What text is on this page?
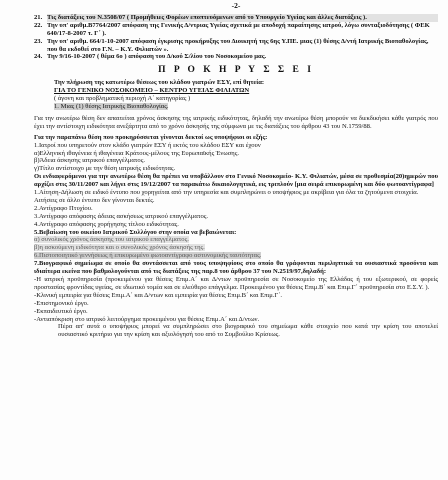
-2-
21. Τις διατάξεις του Ν.3508/07 ( Προμήθειες Φορέων εποπτευόμενων από το Υπουργείο Υγείας και άλλες διατάξεις ).
22. Την υπ' αριθμ.Β7764/2007 απόφαση της Γενικής Δ/ντριας Υγείας σχετικά με αποδοχή παραίτησης ιατρού, λόγω συνταξιοδότησης ( ΦΕΚ 640/17-8-2007 τ. Γ΄ ).
23. Την υπ' αριθμ. 664/1-10-2007 απόφαση έγκρισης προκήρυξης του Διοικητή της 6ης Υ.ΠΕ. μιας (1) θέσης Δ/ντή Ιατρικής Βιοπαθολογίας, που θα εκδοθεί στο Γ.Ν. – Κ.Υ. Φιλιατών ».
24. Την 9/16-10-2007 ( θέμα 6ο ) απόφαση του Δ/κού Σ/λίου του Νοσοκομείου μας.
Π Ρ Ο Κ Η Ρ Υ Σ Σ Ε Ι
Την πλήρωση της κατωτέρω θέσεως του κλάδου γιατρών ΕΣΥ, επί θητεία:
ΓΙΑ ΤΟ ΓΕΝΙΚΟ ΝΟΣΟΚΟΜΕΙΟ – ΚΕΝΤΡΟ ΥΓΕΙΑΣ ΦΙΛΙΑΤΩΝ
( άγονη και προβληματική περιοχή Α΄ κατηγορίας )
1. Μιας (1) θέσης Ιατρικής Βιοπαθολογίας.
Για την ανωτέρω θέση δεν απαιτείται χρόνος άσκησης της ιατρικής ειδικότητας, δηλαδή την ανωτέρω θέση μπορούν να διεκδικήσει κάθε γιατρός που έχει την αντίστοιχη ειδικότητα ανεξάρτητα από το χρόνο άσκησής της σύμφωνα με τις διατάξεις του άρθρου 43 του Ν.1759/88.
Για την παραπάνω θέση που προκηρύσσεται γίνονται δεκτοί ως υποψήφιοι οι εξής:
1.Ιατροί που υπηρετούν στον κλάδο γιατρών ΕΣΥ ή εκτός του κλάδου ΕΣΥ και έχουν
α)Ελληνική ιθαγένεια ή ιθαγένεια Κράτους-μέλους της Ευρωπαϊκής Ένωσης.
β)Άδεια άσκησης ιατρικού επαγγέλματος.
γ)Τίτλο αντίστοιχο με την θέση ιατρικής ειδικότητας.
Οι ενδιαφερόμενοι για την ανωτέρω θέση θα πρέπει να υποβάλλουν στο Γενικό Νοσοκομείο- Κ.Υ. Φιλιατών, μέσα σε προθεσμία(20)ημερών που αρχίζει στις 30/11/2007 και λήγει στις 19/12/2007 τα παρακάτω δικαιολογητικά, εις τριπλούν [μια σειρά επικυρωμένη και δύο φωτοαντίγραφα]
1.Αίτηση-Δήλωση σε ειδικό έντυπο που χορηγείται από την υπηρεσία και συμπληρώνει ο υποψήφιος με ακρίβεια για όλα τα ζητούμενα στοιχεία.
Αιτήσεις σε άλλο έντυπο δεν γίνονται δεκτές.
2.Αντίγραφο Πτυχίου.
3.Αντίγραφο απόφασης άδειας ασκήσεως ιατρικού επαγγέλματος.
4.Αντίγραφο απόφασης χορήγησης τίτλου ειδικότητας.
5.Βεβαίωση του οικείου Ιατρικού Συλλόγου στην οποία να βεβαιώνεται:
α) συνολικός χρόνος άσκησης του ιατρικού επαγγέλματος.
β)η ασκούμενη ειδικότητα και ο συνολικός χρόνος άσκησής της.
6.Πιστοποιητικό γεννήσεως ή επικυρωμένο φωτοαντίγραφο αστυνομικής ταυτότητας.
7.Βιογραφικό σημείωμα σε οποίο θα συντάσσεται από τους υποψηφίους στο οποίο θα γράφονται περιληπτικά τα ουσιαστικά προσόντα και ιδιαίτερα εκείνα που βαθμολογούνται από τις διατάξεις της παρ.8 του άρθρου 37 του Ν.2519/97,δηλαδή:
-Η ιατρική προϋπηρεσία (προκειμένου για θέσεις Επιμ.Α΄ και Δ/ντων προϋπηρεσία σε Νοσοκομείο της Ελλάδας ή του εξωτερικού, σε φορείς προστασίας φροντίδας υγείας, σε ιδιωτικό τομέα και σε ελεύθερο επάγγελμα. Προκειμένου για θέσεις Επιμ.Β΄ και Επιμ.Γ΄ προϋπηρεσία στο Ε.Σ.Υ. ).
-Κλινική εμπειρία για θέσεις Επιμ.Α΄ και Δ/ντων και εμπειρία για θέσεις Επιμ.Β΄ και Επιμ.Γ΄.
-Επιστημονικό έργο.
-Εκπαιδευτικό έργο.
-Αντιαπόκριση στο ιατρικό λειτούργημα προκειμένου για θέσεις Επιμ.Α΄ και Δ/ντων.
Πέρα απ' αυτά ο υποψήφιος μπορεί να συμπληρώσει στο βιογραφικό του σημείωμα κάθε στοιχείο που κατά την κρίση του αποτελεί ουσιαστικό κριτήριο για την κρίση και αξιολόγησή του από το Συμβούλιο Κρίσεως.
